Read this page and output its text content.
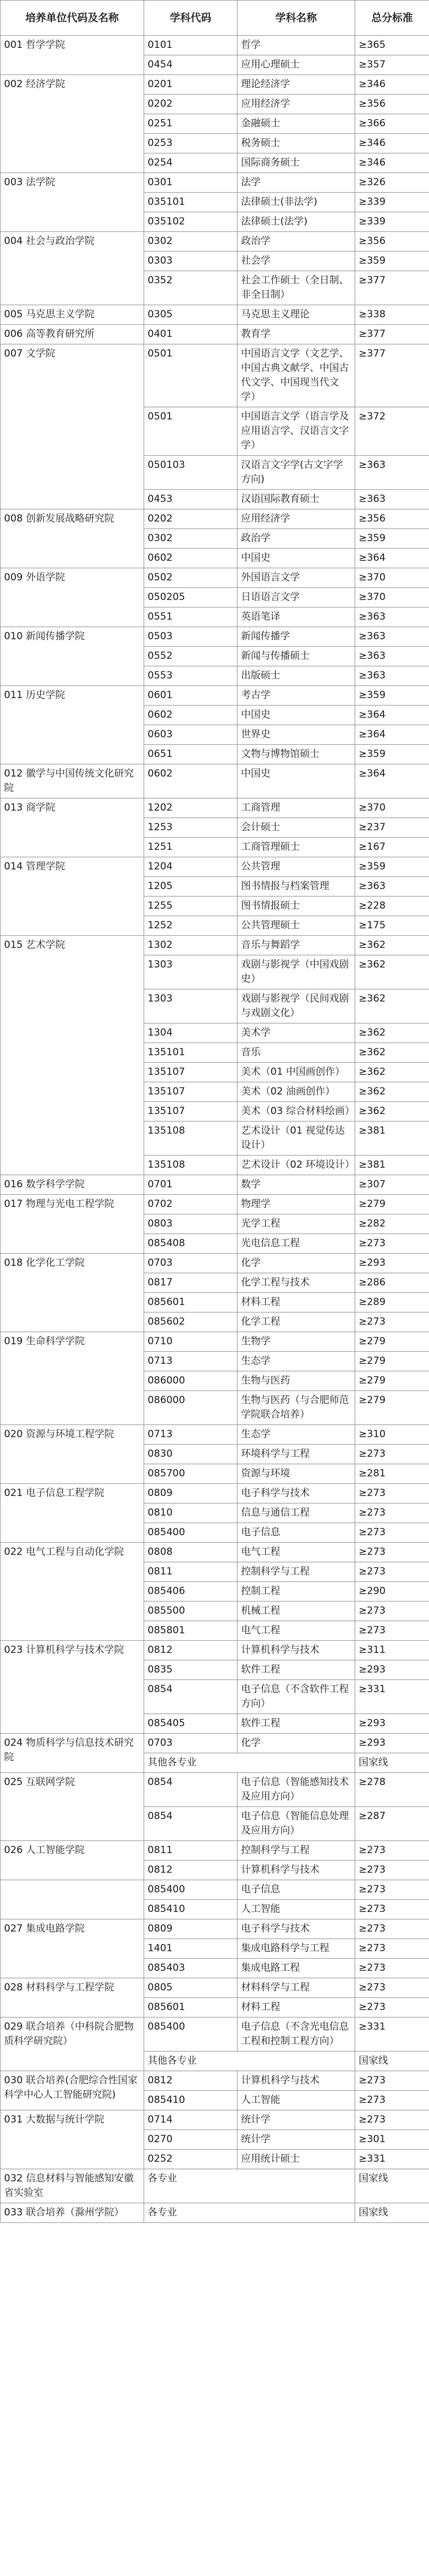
培养单位代码及名称	学科代码	学科名称	总分标准
001 哲学学院	0101	哲学	≥365
	0454	应用心理硕士	≥357
002 经济学院	0201	理论经济学	≥346
	0202	应用经济学	≥356
	0251	金融硕士	≥366
	0253	税务硕士	≥346
	0254	国际商务硕士	≥346
003 法学院	0301	法学	≥326
	035101	法律硕士(非法学)	≥339
	035102	法律硕士(法学)	≥339
004 社会与政治学院	0302	政治学	≥356
	0303	社会学	≥359
	0352	社会工作硕士（全日制、非全日制）	≥377
005 马克思主义学院	0305	马克思主义理论	≥338
006 高等教育研究所	0401	教育学	≥377
007 文学院	0501	中国语言文学（文艺学、中国古典文献学、中国古代文学、中国现当代文学）	≥377
	0501	中国语言文学（语言学及应用语言学、汉语言文字学）	≥372
	050103	汉语言文字学(古文字学方向)	≥363
	0453	汉语国际教育硕士	≥363
008 创新发展战略研究院	0202	应用经济学	≥356
	0302	政治学	≥359
	0602	中国史	≥364
009 外语学院	0502	外国语言文学	≥370
	050205	日语语言文学	≥370
	0551	英语笔译	≥363
010 新闻传播学院	0503	新闻传播学	≥363
	0552	新闻与传播硕士	≥363
	0553	出版硕士	≥363
011 历史学院	0601	考古学	≥359
	0602	中国史	≥364
	0603	世界史	≥364
	0651	文物与博物馆硕士	≥359
012 徽学与中国传统文化研究院	0602	中国史	≥364
013 商学院	1202	工商管理	≥370
	1253	会计硕士	≥237
	1251	工商管理硕士	≥167
014 管理学院	1204	公共管理	≥359
	1205	图书情报与档案管理	≥363
	1255	图书情报硕士	≥228
	1252	公共管理硕士	≥175
015 艺术学院	1302	音乐与舞蹈学	≥362
	1303	戏剧与影视学（中国戏剧史）	≥362
	1303	戏剧与影视学（民间戏剧与戏剧文化）	≥362
	1304	美术学	≥362
	135101	音乐	≥362
	135107	美术（01 中国画创作）	≥362
	135107	美术（02 油画创作）	≥362
	135107	美术（03 综合材料绘画）	≥362
	135108	艺术设计（01 视觉传达设计）	≥381
	135108	艺术设计（02 环境设计）	≥381
016 数学科学学院	0701	数学	≥307
017 物理与光电工程学院	0702	物理学	≥279
	0803	光学工程	≥282
	085408	光电信息工程	≥273
018 化学化工学院	0703	化学	≥293
	0817	化学工程与技术	≥286
	085601	材料工程	≥289
	085602	化学工程	≥273
019 生命科学学院	0710	生物学	≥279
	0713	生态学	≥279
	086000	生物与医药	≥279
	086000	生物与医药（与合肥师范学院联合培养）	≥279
020 资源与环境工程学院	0713	生态学	≥310
	0830	环境科学与工程	≥273
	085700	资源与环境	≥281
021 电子信息工程学院	0809	电子科学与技术	≥273
	0810	信息与通信工程	≥273
	085400	电子信息	≥273
022 电气工程与自动化学院	0808	电气工程	≥273
	0811	控制科学与工程	≥273
	085406	控制工程	≥290
	085500	机械工程	≥273
	085801	电气工程	≥273
023 计算机科学与技术学院	0812	计算机科学与技术	≥311
	0835	软件工程	≥293
	0854	电子信息（不含软件工程方向）	≥331
	085405	软件工程	≥293
024 物质科学与信息技术研究院	0703	化学	≥293
	其他各专业		国家线
025 互联网学院	0854	电子信息（智能感知技术及应用方向）	≥278
	0854	电子信息（智能信息处理及应用方向）	≥287
026 人工智能学院	0811	控制科学与工程	≥273
	0812	计算机科学与技术	≥273
	085400	电子信息	≥273
	085410	人工智能	≥273
027 集成电路学院	0809	电子科学与技术	≥273
	1401	集成电路科学与工程	≥273
	085403	集成电路工程	≥273
028 材料科学与工程学院	0805	材料科学与工程	≥273
	085601	材料工程	≥273
029 联合培养（中科院合肥物质科学研究院）	085400	电子信息（不含光电信息工程和控制工程方向）	≥331
	其他各专业		国家线
030 联合培养(合肥综合性国家科学中心人工智能研究院)	0812	计算机科学与技术	≥273
	085410	人工智能	≥273
031 大数据与统计学院	0714	统计学	≥273
	0270	统计学	≥301
	0252	应用统计硕士	≥331
032 信息材料与智能感知安徽省实验室	各专业		国家线
033 联合培养（滁州学院）	各专业		国家线
